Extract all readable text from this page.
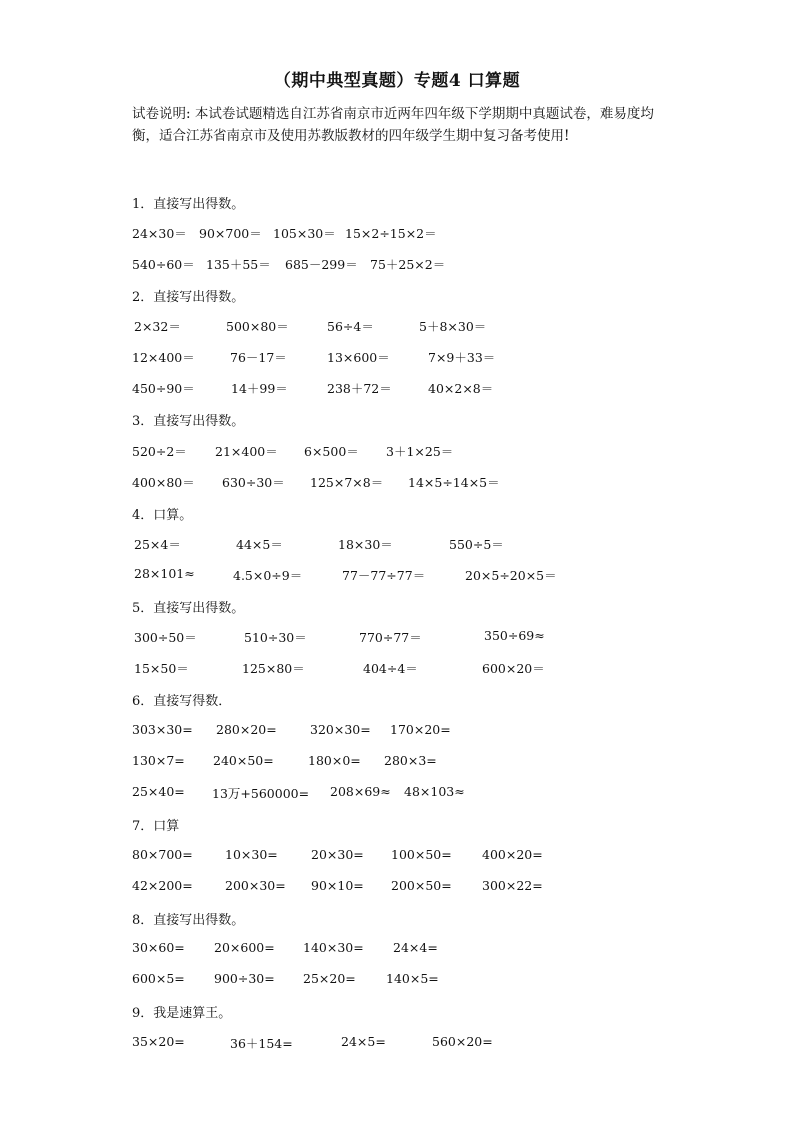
（期中典型真题）专题4 口算题
试卷说明: 本试卷试题精选自江苏省南京市近两年四年级下学期期中真题试卷，难易度均衡，适合江苏省南京市及使用苏教版教材的四年级学生期中复习备考使用!
1．直接写出得数。
24×30＝ 90×700＝ 105×30＝ 15×2÷15×2＝
540÷60＝ 135＋55＝ 685－299＝ 75＋25×2＝
2．直接写出得数。
2×32＝	500×80＝	56÷4＝	5＋8×30＝
12×400＝	76－17＝	13×600＝	7×9＋33＝
450÷90＝	14＋99＝	238＋72＝	40×2×8＝
3．直接写出得数。
520÷2＝ 21×400＝ 6×500＝ 3＋1×25＝
400×80＝ 630÷30＝ 125×7×8＝ 14×5÷14×5＝
4．口算。
25×4＝	44×5＝	18×30＝	550÷5＝
28×101≈	4.5×0÷9＝	77－77÷77＝	20×5÷20×5＝
5．直接写出得数。
300÷50＝	510÷30＝	770÷77＝	350÷69≈
15×50＝	125×80＝	404÷4＝	600×20＝
6．直接写得数．
303×30= 280×20=	320×30= 170×20=
130×7= 240×50=	180×0= 280×3=
25×40= 13万+560000= 208×69≈ 48×103≈
7．口算
80×700=	10×30=	20×30= 100×50= 400×20=
42×200=	200×30= 90×10= 200×50= 300×22=
8．直接写出得数。
30×60= 20×600= 140×30= 24×4=
600×5= 900÷30= 25×20= 140×5=
9．我是速算王。
35×20=	36＋154=	24×5=	560×20=
